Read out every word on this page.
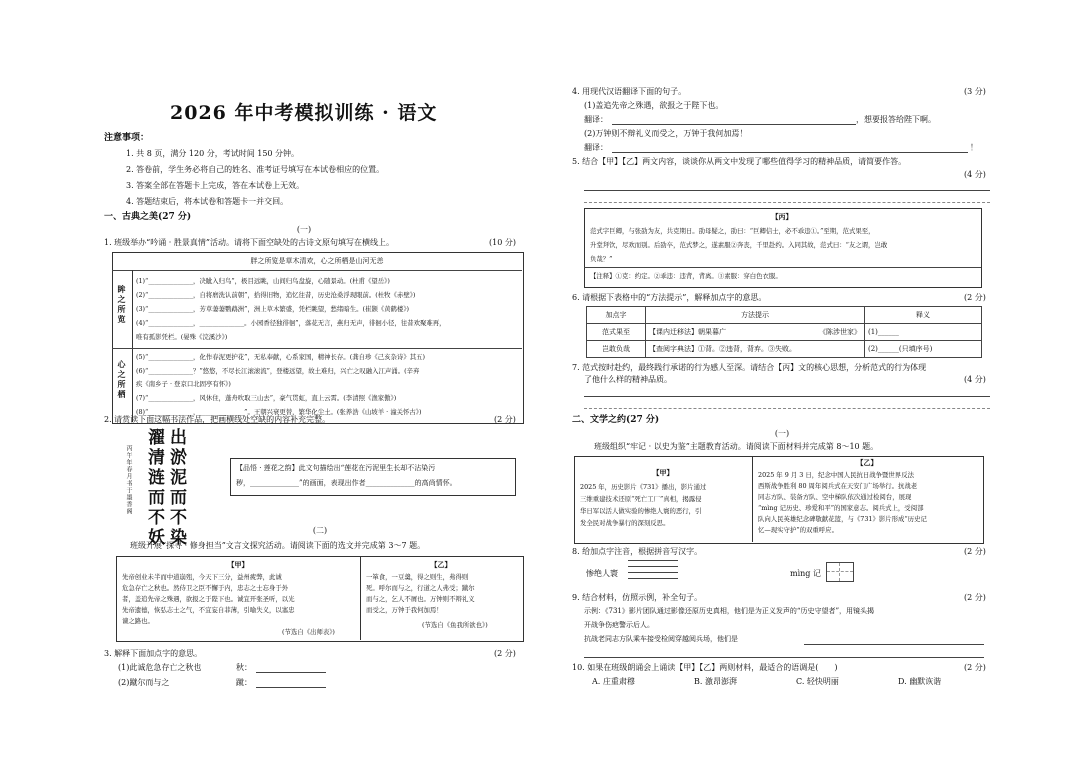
2026 年中考模拟训练 · 语文
注意事项：
1. 共 8 页，满分 120 分，考试时间 150 分钟。
2. 答卷前，学生务必将自己的姓名、准考证号填写在本试卷相应的位置。
3. 答案全部在答题卡上完成，答在本试卷上无效。
4. 答题结束后，将本试卷和答题卡一并交回。
一、古典之美(27 分)
(一)
1. 班级举办“吟诵 · 胜景真情”活动。请将下面空缺处的古诗文原句填写在横线上。	(10 分)
胖之所览是草木清欢，心之所栖是山河无恙
眸之所览
心之所栖
(1)“______________，决眦入归鸟”，极目远眺，山间归鸟盘旋，心随景动。(杜甫《望岳》)
(2)“______________，自将磨洗认前朝”，拾得旧物，追忆往昔，历史沧桑浮现眼前。(杜牧《赤壁》)
(3)“______________，芳草萋萋鹦鹉洲”，洲上草木繁盛，凭栏眺望，愁绪暗生。(崔颢《黄鹤楼》)
(4)“______________，______________。小园香径独徘徊”，落花无言，燕归无声，徘徊小径，往昔欢聚难再，
唯有孤影凭栏。(晏殊《浣溪沙》)
(5)“______________，化作春泥更护花”，无私奉献，心系家国，精神长存。(龚自珍《己亥杂诗》其五)
(6)“______________？”悠悠，不尽长江滚滚流”，登楼远望，故土难归，兴亡之叹融入江声涌。(辛弃
疾《南乡子 · 登京口北固亭有怀》)
(7)“______________，风休住，蓬舟吹取三山去”，豪气贯虹，直上云霄。(李清照《渔家傲》)
(8)“______________，______________”。王朝兴衰更替，繁华化尘土。(张养浩《山坡羊 · 潼关怀古》)
2. 请赏读下面这幅书法作品，把画横线处空缺的内容补充完整。	(2 分)
出淤泥而不染
濯清涟而不妖
丙午年春月书于墨香阁	【品悟 · 莲花之韵】此文句描绘出“莲花在污泥里生长却不沾染污
秽，______________”的画面，表现出作者______________的高尚情怀。
(二)
班级开展“探寻 · 修身担当”文言文探究活动。请阅读下面的选文并完成第 3～7 题。
【甲】
先帝创业未半而中道崩殂，今天下三分，益州疲弊，此诚
危急存亡之秋也。然侍卫之臣不懈于内，忠志之士忘身于外
者，盖追先帝之殊遇，欲报之于陛下也。诚宜开张圣听，以光
先帝遗德，恢弘志士之气，不宜妄自菲薄，引喻失义，以塞忠
谏之路也。
(节选自《出师表》)
【乙】
一箪食，一豆羹，得之则生，弗得则
死。呼尔而与之，行道之人弗受；蹴尔
而与之，乞人不屑也。万钟则不辩礼义
而受之，万钟于我何加焉！
(节选自《鱼我所欲也》)
3. 解释下面加点字的意思。	(2 分)
(1)此诚危急存亡之秋也	秋：
(2)蹴尔而与之	蹴：
4. 用现代汉语翻译下面的句子。	(3 分)
(1)盖追先帝之殊遇，欲报之于陛下也。
翻译：	，想要报答给陛下啊。
(2)万钟则不辩礼义而受之，万钟于我何加焉！
翻译：	！
5. 结合【甲】【乙】两文内容，谈谈你从两文中发现了哪些值得学习的精神品质，请简要作答。
(4 分)
【丙】
范式字巨卿，与张劭为友，共克期日。劭母疑之，劭曰：“巨卿信士，必不乖违①。”至期，范式果至，
升堂拜饮，尽欢而别。后劭卒，范式梦之，遂素服②奔丧，千里赴约。入同其故，范式曰：“友之谓，岂敢
负哉？”
【注释】①克：约定。②乖违：违背，背离。③素服：穿白色衣服。
6. 请根据下表格中的“方法提示”，解释加点字的意思。	(2 分)
加点字	方法提示		释义
范式果至	【课内迁移法】朝果暮广	《陈涉世家》	(1)______
岂敢负哉	【查阅字典法】①背。②违背，背弃。③失败。		(2)______(只填序号)
7. 范式按时赴约，最终践行承诺的行为感人至深。请结合【丙】文的核心思想，分析范式的行为体现
了他什么样的精神品质。	(4 分)
二、文学之约(27 分)
(一)
班级组织“牢记 · 以史为鉴”主题教育活动。请阅读下面材料并完成第 8～10 题。
【甲】
2025 年，历史影片《731》播出，影片通过
三维重建技术还原“死亡工厂”真相，揭露侵
华日军以活人做实验的惨绝人寰的恶行，引
发全民对战争暴行的深刻反思。
【乙】
2025 年 9 月 3 日，纪念中国人民抗日战争暨世界反法
西斯战争胜利 80 周年阅兵式在天安门广场举行。抗战老
同志方队、装备方队、空中梯队依次通过检阅台，展现
“mìng 记历史、珍爱和平”的国家意志。阅兵式上，受阅部
队向人民英雄纪念碑敬献花篮，与《731》影片形成“历史记
忆—现实守护”的双重呼应。
8. 给加点字注音，根据拼音写汉字。	(2 分)
惨绝人寰	mìng 记
9. 结合材料，仿照示例，补全句子。	(2 分)
示例：《731》影片团队通过影像还原历史真相，他们是为正义发声的“历史守望者”，用镜头揭
开战争伤疤警示后人。
抗战老同志方队乘车接受检阅穿越阅兵场，他们是
10. 如果在班级朗诵会上诵读【甲】【乙】两则材料，最适合的语调是(　　)	(2 分)
A. 庄重肃穆	B. 激昂澎湃	C. 轻快明丽	D. 幽默诙谐
